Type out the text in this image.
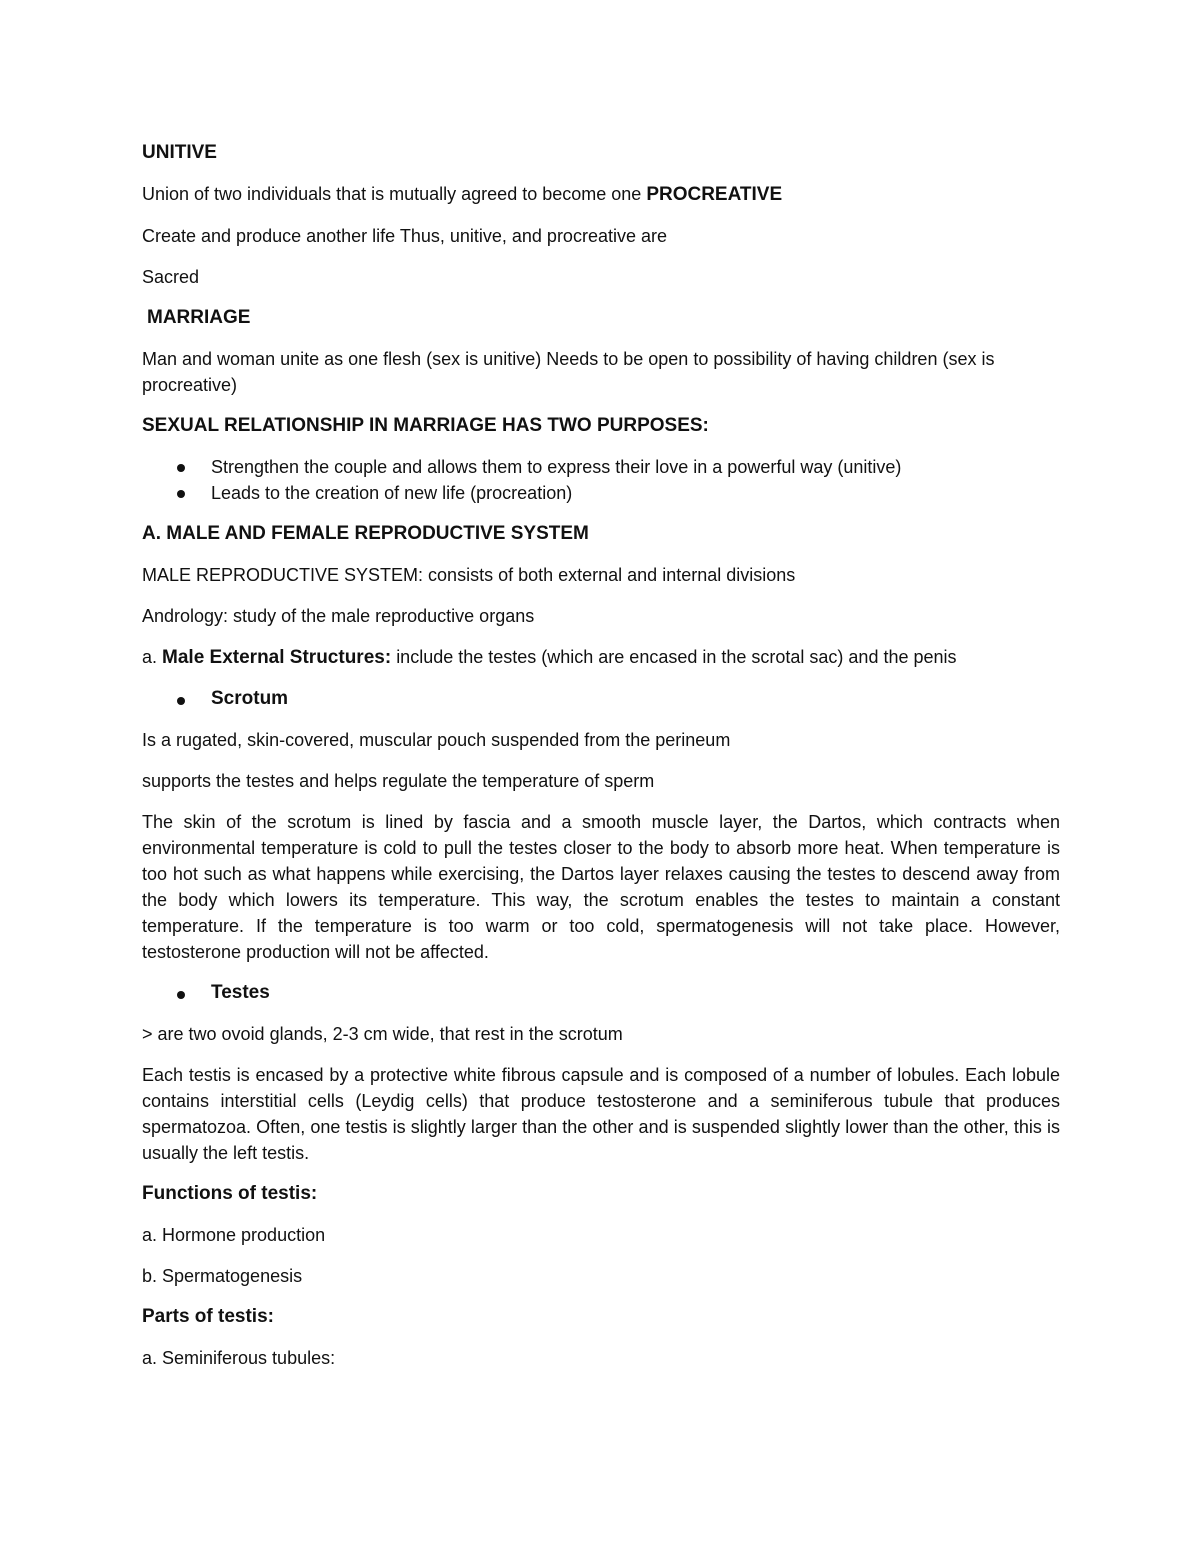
UNITIVE

Union of two individuals that is mutually agreed to become one PROCREATIVE

Create and produce another life Thus, unitive, and procreative are

Sacred

MARRIAGE

Man and woman unite as one flesh (sex is unitive) Needs to be open to possibility of having children (sex is procreative)

SEXUAL RELATIONSHIP IN MARRIAGE HAS TWO PURPOSES:
Strengthen the couple and allows them to express their love in a powerful way (unitive)
Leads to the creation of new life (procreation)
A. MALE AND FEMALE REPRODUCTIVE SYSTEM

MALE REPRODUCTIVE SYSTEM: consists of both external and internal divisions

Andrology: study of the male reproductive organs

a. Male External Structures: include the testes (which are encased in the scrotal sac) and the penis

Scrotum

Is a rugated, skin-covered, muscular pouch suspended from the perineum

supports the testes and helps regulate the temperature of sperm

The skin of the scrotum is lined by fascia and a smooth muscle layer, the Dartos, which contracts when environmental temperature is cold to pull the testes closer to the body to absorb more heat. When temperature is too hot such as what happens while exercising, the Dartos layer relaxes causing the testes to descend away from the body which lowers its temperature. This way, the scrotum enables the testes to maintain a constant temperature. If the temperature is too warm or too cold, spermatogenesis will not take place. However, testosterone production will not be affected.

Testes

> are two ovoid glands, 2-3 cm wide, that rest in the scrotum

Each testis is encased by a protective white fibrous capsule and is composed of a number of lobules. Each lobule contains interstitial cells (Leydig cells) that produce testosterone and a seminiferous tubule that produces spermatozoa. Often, one testis is slightly larger than the other and is suspended slightly lower than the other, this is usually the left testis.

Functions of testis:

a. Hormone production

b. Spermatogenesis

Parts of testis:

a. Seminiferous tubules:
